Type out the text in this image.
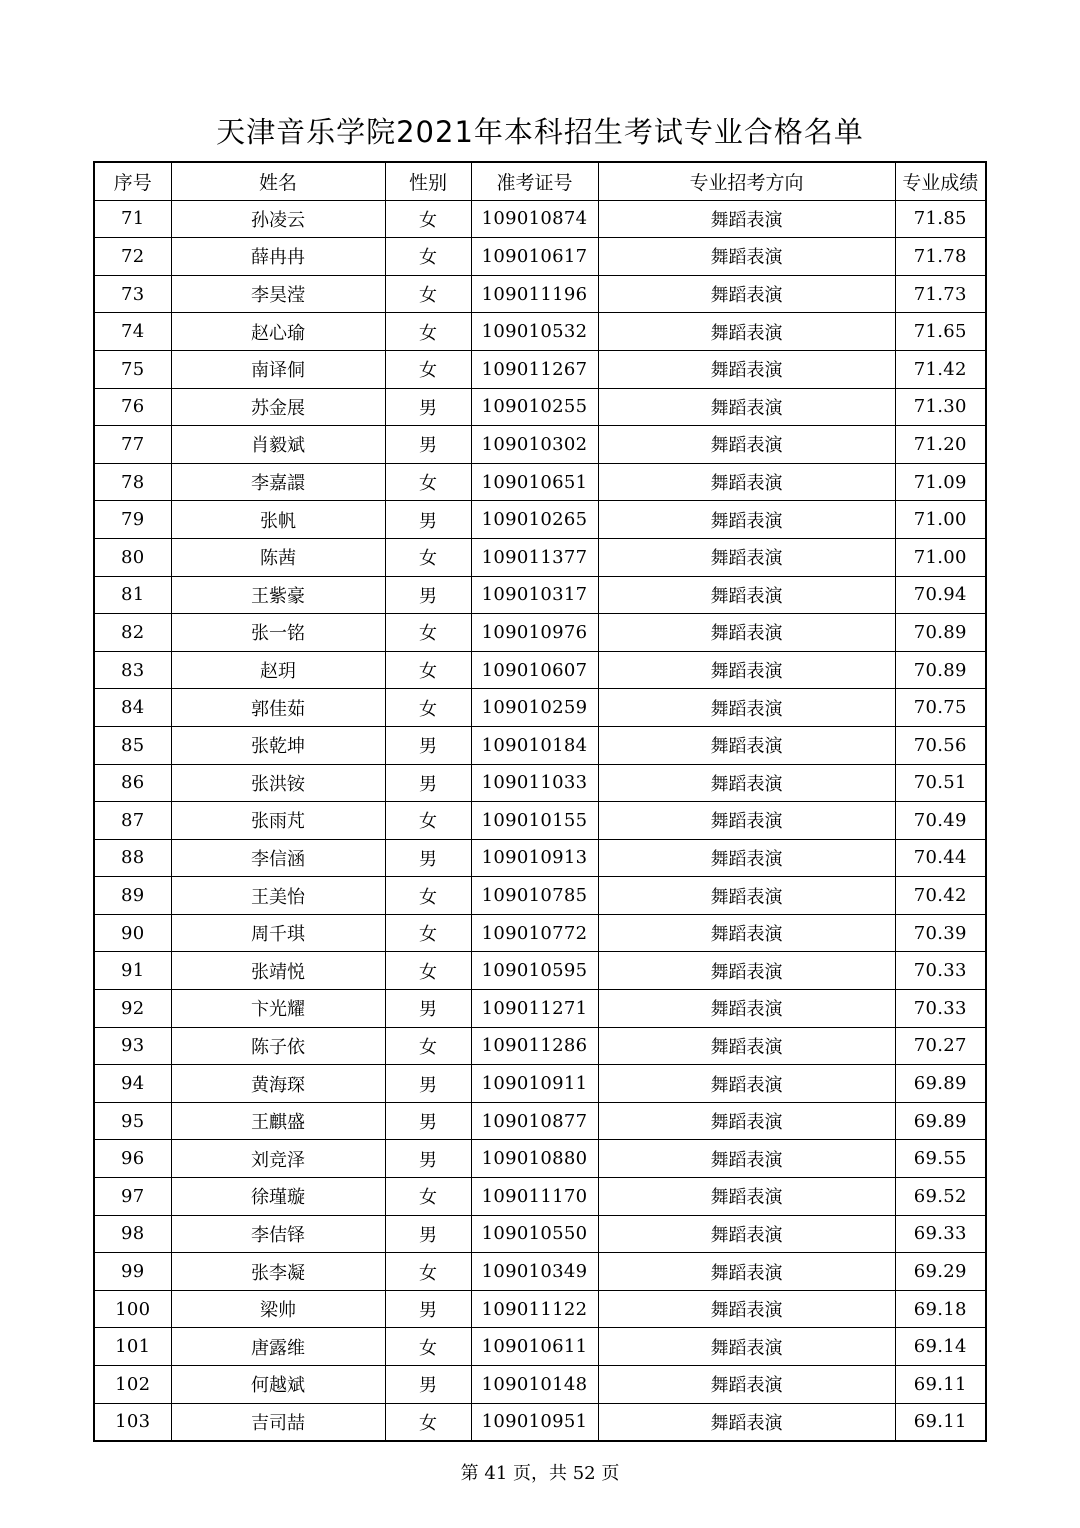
天津音乐学院2021年本科招生考试专业合格名单
序号	姓名	性别	准考证号	专业招考方向	专业成绩
71	孙凌云	女	109010874	舞蹈表演	71.85
72	薛冉冉	女	109010617	舞蹈表演	71.78
73	李昊滢	女	109011196	舞蹈表演	71.73
74	赵心瑜	女	109010532	舞蹈表演	71.65
75	南译侗	女	109011267	舞蹈表演	71.42
76	苏金展	男	109010255	舞蹈表演	71.30
77	肖毅斌	男	109010302	舞蹈表演	71.20
78	李嘉譞	女	109010651	舞蹈表演	71.09
79	张帆	男	109010265	舞蹈表演	71.00
80	陈茜	女	109011377	舞蹈表演	71.00
81	王紫豪	男	109010317	舞蹈表演	70.94
82	张一铭	女	109010976	舞蹈表演	70.89
83	赵玥	女	109010607	舞蹈表演	70.89
84	郭佳茹	女	109010259	舞蹈表演	70.75
85	张乾坤	男	109010184	舞蹈表演	70.56
86	张洪铵	男	109011033	舞蹈表演	70.51
87	张雨芃	女	109010155	舞蹈表演	70.49
88	李信涵	男	109010913	舞蹈表演	70.44
89	王美怡	女	109010785	舞蹈表演	70.42
90	周千琪	女	109010772	舞蹈表演	70.39
91	张靖悦	女	109010595	舞蹈表演	70.33
92	卞光耀	男	109011271	舞蹈表演	70.33
93	陈子依	女	109011286	舞蹈表演	70.27
94	黄海琛	男	109010911	舞蹈表演	69.89
95	王麒盛	男	109010877	舞蹈表演	69.89
96	刘竞泽	男	109010880	舞蹈表演	69.55
97	徐瑾璇	女	109011170	舞蹈表演	69.52
98	李佶铎	男	109010550	舞蹈表演	69.33
99	张李凝	女	109010349	舞蹈表演	69.29
100	梁帅	男	109011122	舞蹈表演	69.18
101	唐露维	女	109010611	舞蹈表演	69.14
102	何越斌	男	109010148	舞蹈表演	69.11
103	吉司喆	女	109010951	舞蹈表演	69.11
第 41 页，共 52 页
